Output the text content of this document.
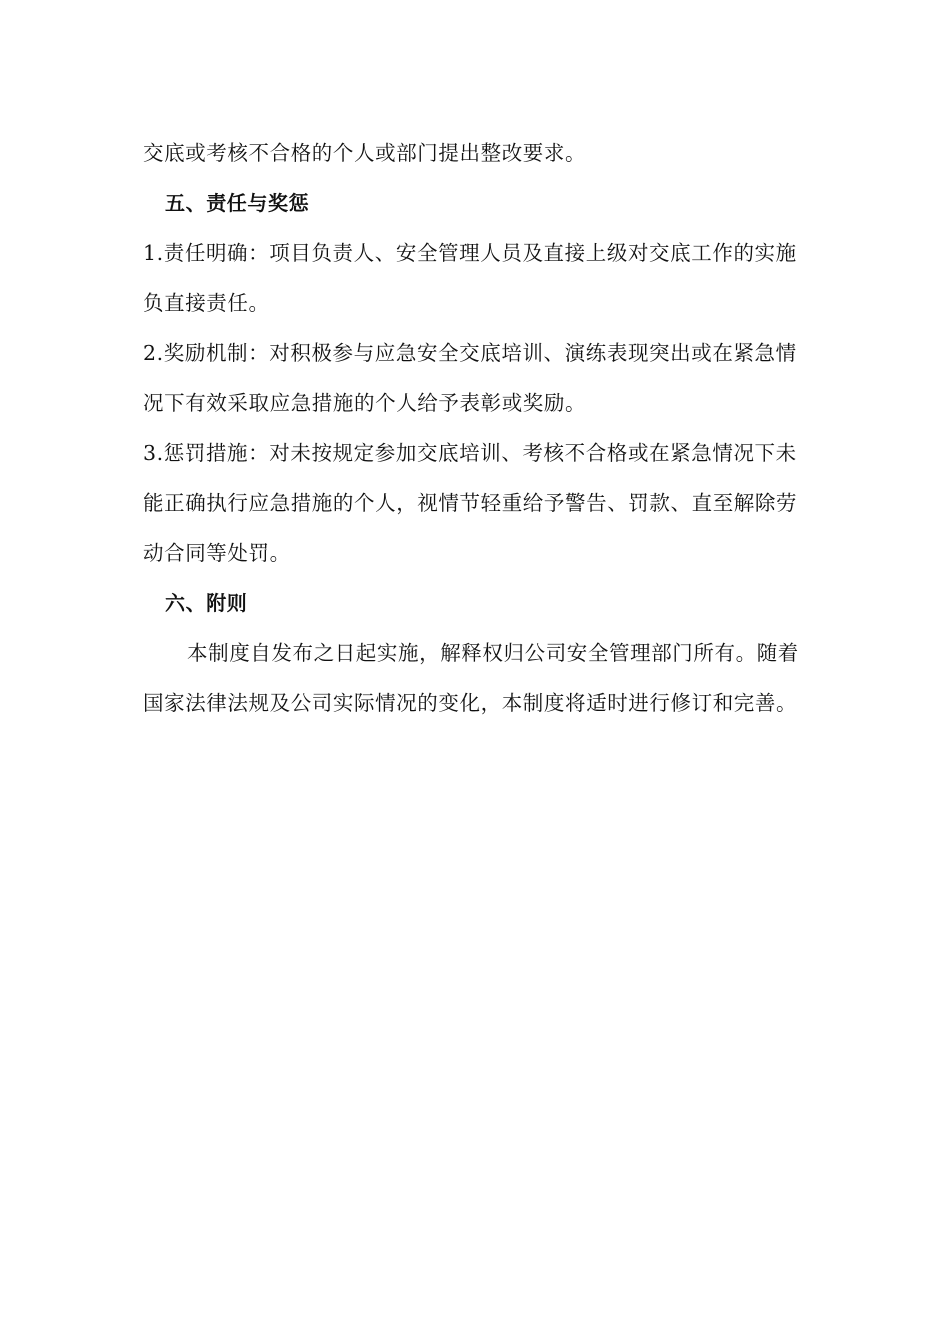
交底或考核不合格的个人或部门提出整改要求。

五、责任与奖惩

1.责任明确：项目负责人、安全管理人员及直接上级对交底工作的实施负直接责任。

2.奖励机制：对积极参与应急安全交底培训、演练表现突出或在紧急情况下有效采取应急措施的个人给予表彰或奖励。

3.惩罚措施：对未按规定参加交底培训、考核不合格或在紧急情况下未能正确执行应急措施的个人，视情节轻重给予警告、罚款、直至解除劳动合同等处罚。

六、附则

本制度自发布之日起实施，解释权归公司安全管理部门所有。随着国家法律法规及公司实际情况的变化，本制度将适时进行修订和完善。
